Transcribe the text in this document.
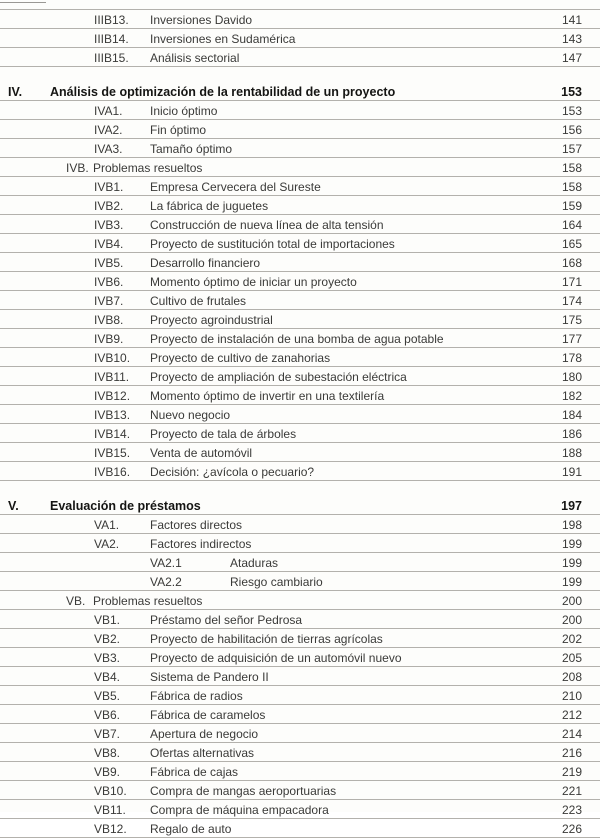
IIIB13. Inversiones Davido	141
IIIB14. Inversiones en Sudamérica	143
IIIB15. Análisis sectorial	147
IV. Análisis de optimización de la rentabilidad de un proyecto	153
IVA1. Inicio óptimo	153
IVA2. Fin óptimo	156
IVA3. Tamaño óptimo	157
IVB. Problemas resueltos	158
IVB1. Empresa Cervecera del Sureste	158
IVB2. La fábrica de juguetes	159
IVB3. Construcción de nueva línea de alta tensión	164
IVB4. Proyecto de sustitución total de importaciones	165
IVB5. Desarrollo financiero	168
IVB6. Momento óptimo de iniciar un proyecto	171
IVB7. Cultivo de frutales	174
IVB8. Proyecto agroindustrial	175
IVB9. Proyecto de instalación de una bomba de agua potable	177
IVB10. Proyecto de cultivo de zanahorias	178
IVB11. Proyecto de ampliación de subestación eléctrica	180
IVB12. Momento óptimo de invertir en una textilería	182
IVB13. Nuevo negocio	184
IVB14. Proyecto de tala de árboles	186
IVB15. Venta de automóvil	188
IVB16. Decisión: ¿avícola o pecuario?	191
V.	Evaluación de préstamos	197
VA1.	Factores directos	198
VA2.	Factores indirectos	199
VA2.1	Ataduras	199
VA2.2	Riesgo cambiario	199
VB. Problemas resueltos	200
VB1. Préstamo del señor Pedrosa	200
VB2. Proyecto de habilitación de tierras agrícolas	202
VB3. Proyecto de adquisición de un automóvil nuevo	205
VB4. Sistema de Pandero II	208
VB5. Fábrica de radios	210
VB6. Fábrica de caramelos	212
VB7. Apertura de negocio	214
VB8. Ofertas alternativas	216
VB9. Fábrica de cajas	219
VB10. Compra de mangas aeroportuarias	221
VB11. Compra de máquina empacadora	223
VB12. Regalo de auto	226
